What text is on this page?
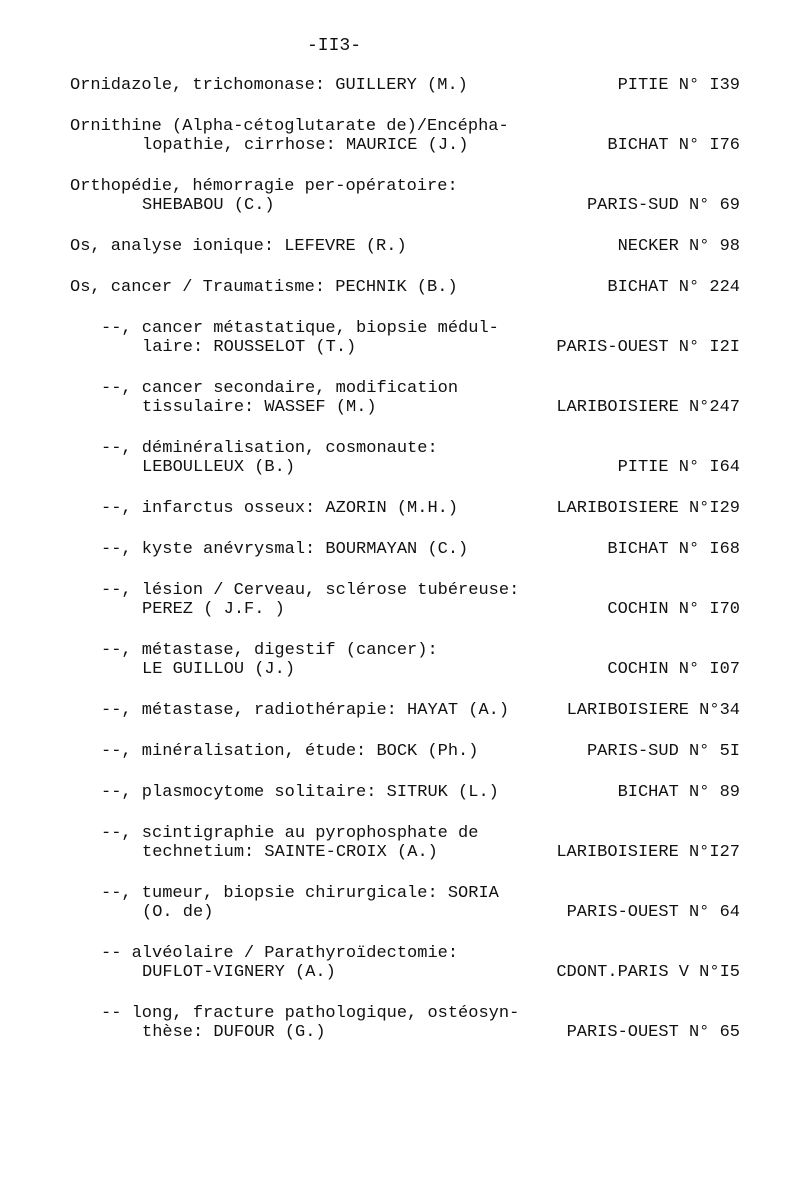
-II3-
Ornidazole, trichomonase: GUILLERY (M.)	PITIE N° I39
Ornithine (Alpha-cétoglutarate de)/Encépha-
lopathie, cirrhose: MAURICE (J.)	BICHAT N° I76
Orthopédie, hémorragie per-opératoire:
SHEBABOU (C.)	PARIS-SUD N° 69
Os, analyse ionique: LEFEVRE (R.)	NECKER N° 98
Os, cancer / Traumatisme: PECHNIK (B.)	BICHAT N° 224
--, cancer métastatique, biopsie médul-
laire: ROUSSELOT (T.)	PARIS-OUEST N° I2I
--, cancer secondaire, modification
tissulaire: WASSEF (M.)	LARIBOISIERE N°247
--, déminéralisation, cosmonaute:
LEBOULLEUX (B.)	PITIE N° I64
--, infarctus osseux: AZORIN (M.H.)	LARIBOISIERE N°I29
--, kyste anévrysmal: BOURMAYAN (C.)	BICHAT N° I68
--, lésion / Cerveau, sclérose tubéreuse:
PEREZ ( J.F. )	COCHIN N° I70
--, métastase, digestif (cancer):
LE GUILLOU (J.)	COCHIN N° I07
--, métastase, radiothérapie: HAYAT (A.)	LARIBOISIERE N°34
--, minéralisation, étude: BOCK (Ph.)	PARIS-SUD N° 5I
--, plasmocytome solitaire: SITRUK (L.)	BICHAT N° 89
--, scintigraphie au pyrophosphate de
technetium: SAINTE-CROIX (A.)	LARIBOISIERE N°I27
--, tumeur, biopsie chirurgicale: SORIA
(O. de)	PARIS-OUEST N° 64
-- alvéolaire / Parathyroïdectomie:
DUFLOT-VIGNERY (A.)	CDONT.PARIS V N°I5
-- long, fracture pathologique, ostéosyn-
thèse: DUFOUR (G.)	PARIS-OUEST N° 65
